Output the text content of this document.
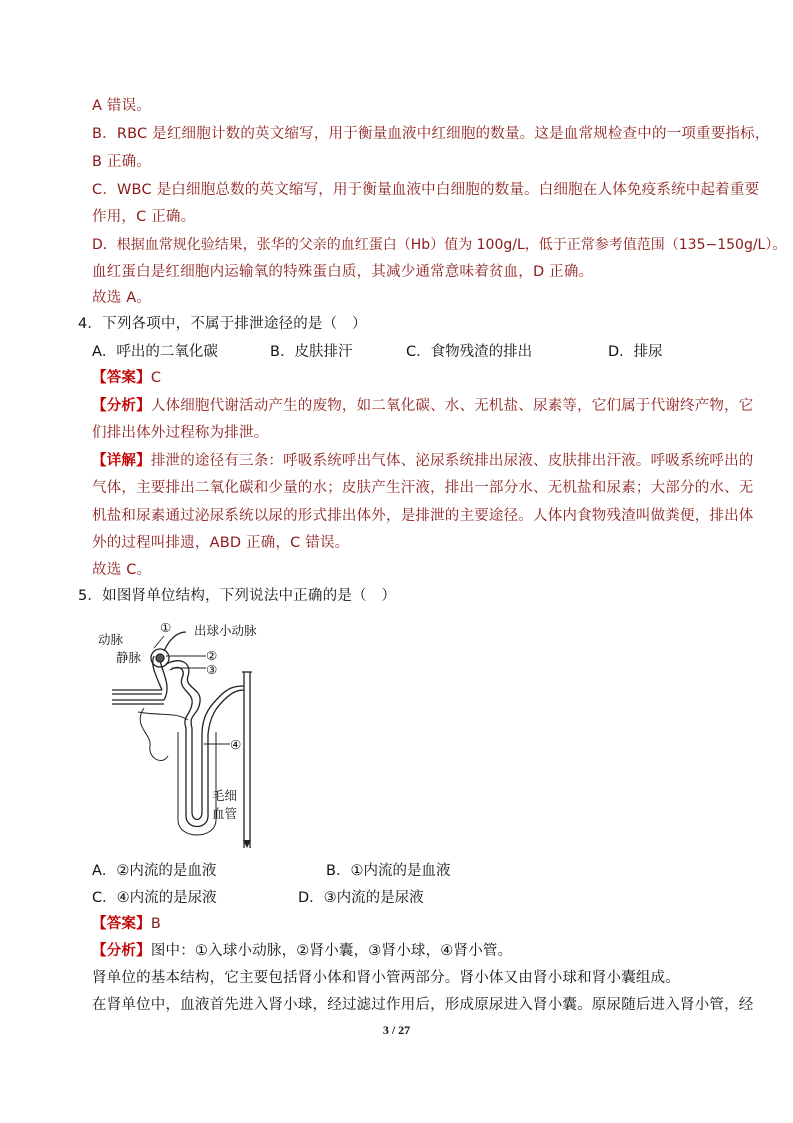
A 错误。
B．RBC 是红细胞计数的英文缩写，用于衡量血液中红细胞的数量。这是血常规检查中的一项重要指标，
B 正确。
C．WBC 是白细胞总数的英文缩写，用于衡量血液中白细胞的数量。白细胞在人体免疫系统中起着重要
作用，C 正确。
D．根据血常规化验结果，张华的父亲的血红蛋白（Hb）值为 100g/L，低于正常参考值范围（135−150g/L）。
血红蛋白是红细胞内运输氧的特殊蛋白质，其减少通常意味着贫血，D 正确。
故选 A。
4．下列各项中，不属于排泄途径的是（　）
A．呼出的二氧化碳	B．皮肤排汗	C．食物残渣的排出	D．排尿
【答案】C
【分析】人体细胞代谢活动产生的废物，如二氧化碳、水、无机盐、尿素等，它们属于代谢终产物，它
们排出体外过程称为排泄。
【详解】排泄的途径有三条：呼吸系统呼出气体、泌尿系统排出尿液、皮肤排出汗液。呼吸系统呼出的
气体，主要排出二氧化碳和少量的水；皮肤产生汗液，排出一部分水、无机盐和尿素；大部分的水、无
机盐和尿素通过泌尿系统以尿的形式排出体外，是排泄的主要途径。人体内食物残渣叫做粪便，排出体
外的过程叫排遗，ABD 正确，C 错误。
故选 C。
5．如图肾单位结构，下列说法中正确的是（　）
① 出球小动脉
动脉
静脉	②
③
④
毛细
血管
A．②内流的是血液	B．①内流的是血液
C．④内流的是尿液	D．③内流的是尿液
【答案】B
【分析】图中：①入球小动脉，②肾小囊，③肾小球，④肾小管。
肾单位的基本结构，它主要包括肾小体和肾小管两部分。肾小体又由肾小球和肾小囊组成。
在肾单位中，血液首先进入肾小球，经过滤过作用后，形成原尿进入肾小囊。原尿随后进入肾小管，经
3 / 27
